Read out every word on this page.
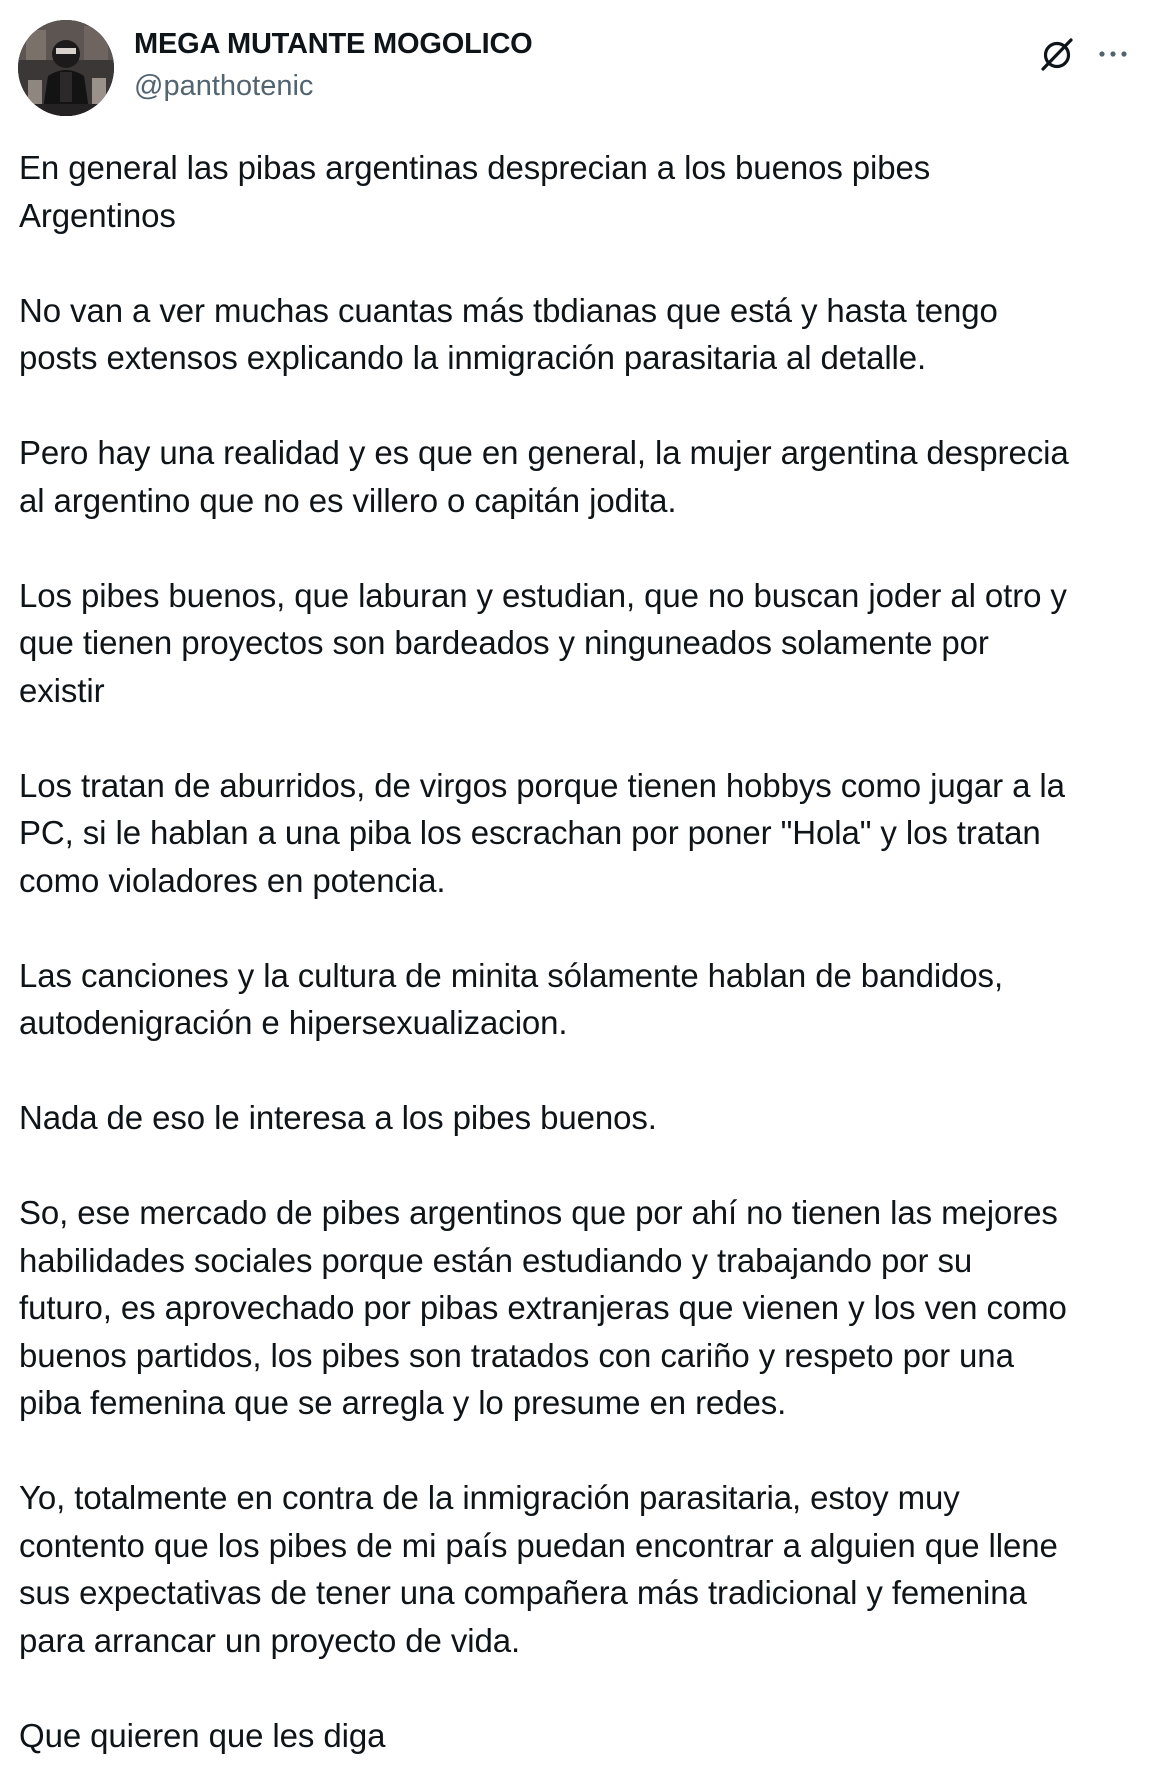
MEGA MUTANTE MOGOLICO
@panthotenic

En general las pibas argentinas desprecian a los buenos pibes
Argentinos

No van a ver muchas cuantas más tbdianas que está y hasta tengo
posts extensos explicando la inmigración parasitaria al detalle.

Pero hay una realidad y es que en general, la mujer argentina desprecia
al argentino que no es villero o capitán jodita.

Los pibes buenos, que laburan y estudian, que no buscan joder al otro y
que tienen proyectos son bardeados y ninguneados solamente por
existir

Los tratan de aburridos, de virgos porque tienen hobbys como jugar a la
PC, si le hablan a una piba los escrachan por poner "Hola" y los tratan
como violadores en potencia.

Las canciones y la cultura de minita sólamente hablan de bandidos,
autodenigración e hipersexualizacion.

Nada de eso le interesa a los pibes buenos.

So, ese mercado de pibes argentinos que por ahí no tienen las mejores
habilidades sociales porque están estudiando y trabajando por su
futuro, es aprovechado por pibas extranjeras que vienen y los ven como
buenos partidos, los pibes son tratados con cariño y respeto por una
piba femenina que se arregla y lo presume en redes.

Yo, totalmente en contra de la inmigración parasitaria, estoy muy
contento que los pibes de mi país puedan encontrar a alguien que llene
sus expectativas de tener una compañera más tradicional y femenina
para arrancar un proyecto de vida.

Que quieren que les diga
